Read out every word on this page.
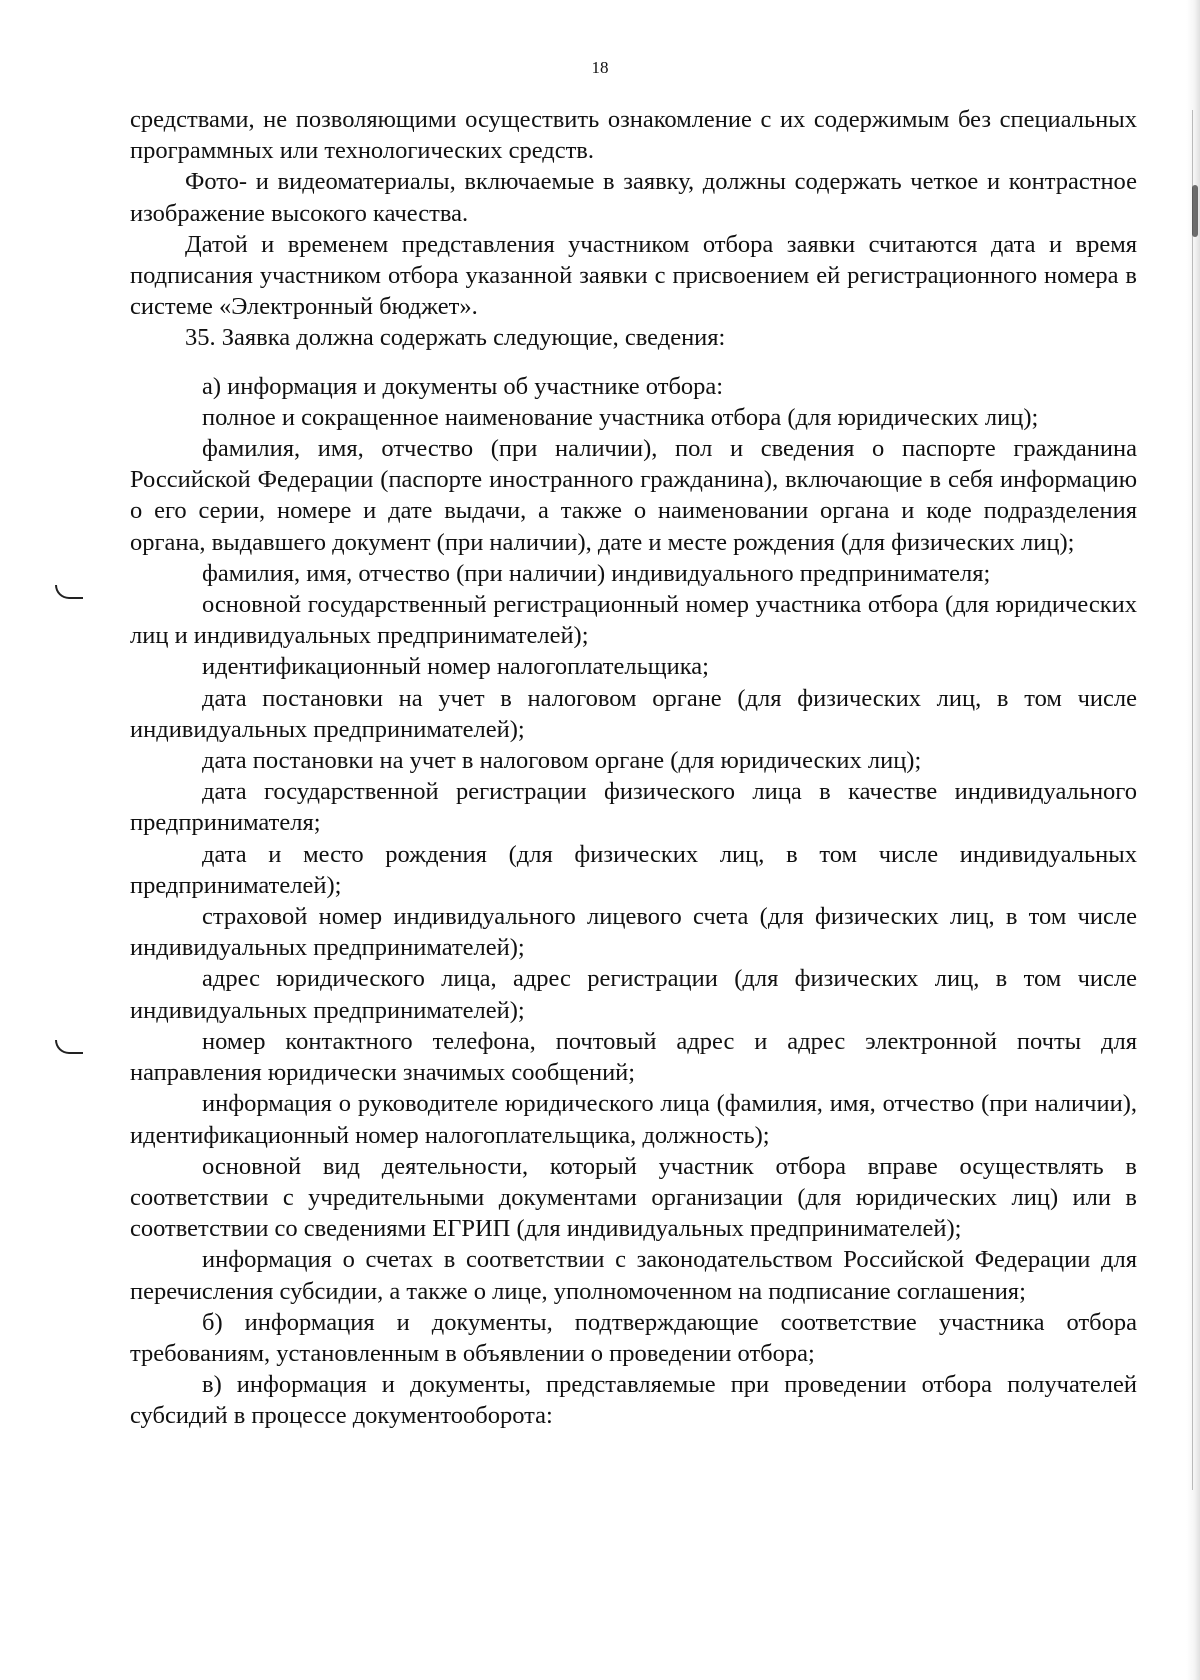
18

средствами, не позволяющими осуществить ознакомление с их содержимым без специальных программных или технологических средств.

Фото- и видеоматериалы, включаемые в заявку, должны содержать четкое и контрастное изображение высокого качества.

Датой и временем представления участником отбора заявки считаются дата и время подписания участником отбора указанной заявки с присвоением ей регистрационного номера в системе «Электронный бюджет».

35. Заявка должна содержать следующие, сведения:

а) информация и документы об участнике отбора:

полное и сокращенное наименование участника отбора (для юридических лиц);

фамилия, имя, отчество (при наличии), пол и сведения о паспорте гражданина Российской Федерации (паспорте иностранного гражданина), включающие в себя информацию о его серии, номере и дате выдачи, а также о наименовании органа и коде подразделения органа, выдавшего документ (при наличии), дате и месте рождения (для физических лиц);

фамилия, имя, отчество (при наличии) индивидуального предпринимателя;

основной государственный регистрационный номер участника отбора (для юридических лиц и индивидуальных предпринимателей);

идентификационный номер налогоплательщика;

дата постановки на учет в налоговом органе (для физических лиц, в том числе индивидуальных предпринимателей);

дата постановки на учет в налоговом органе (для юридических лиц);

дата государственной регистрации физического лица в качестве индивидуального предпринимателя;

дата и место рождения (для физических лиц, в том числе индивидуальных предпринимателей);

страховой номер индивидуального лицевого счета (для физических лиц, в том числе индивидуальных предпринимателей);

адрес юридического лица, адрес регистрации (для физических лиц, в том числе индивидуальных предпринимателей);

номер контактного телефона, почтовый адрес и адрес электронной почты для направления юридически значимых сообщений;

информация о руководителе юридического лица (фамилия, имя, отчество (при наличии), идентификационный номер налогоплательщика, должность);

основной вид деятельности, который участник отбора вправе осуществлять в соответствии с учредительными документами организации (для юридических лиц) или в соответствии со сведениями ЕГРИП (для индивидуальных предпринимателей);

информация о счетах в соответствии с законодательством Российской Федерации для перечисления субсидии, а также о лице, уполномоченном на подписание соглашения;

б) информация и документы, подтверждающие соответствие участника отбора требованиям, установленным в объявлении о проведении отбора;

в) информация и документы, представляемые при проведении отбора получателей субсидий в процессе документооборота:
